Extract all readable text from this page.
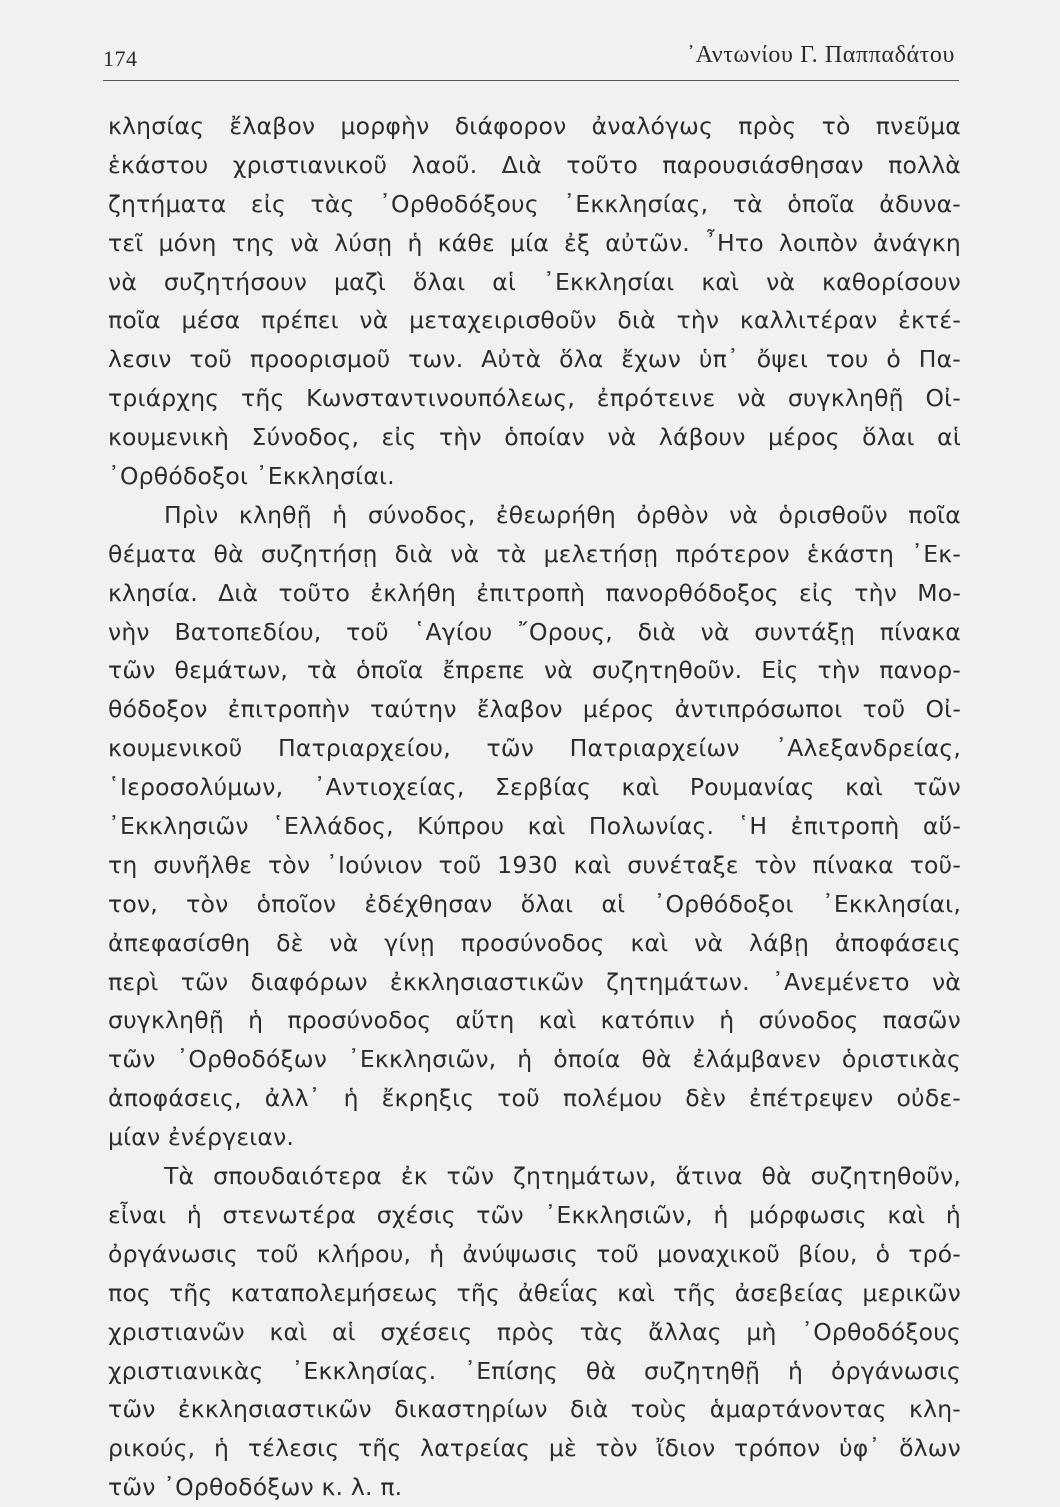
174	᾿Αντωνίου Γ. Παππαδάτου
κλησίας ἔλαβον μορφὴν διάφορον ἀναλόγως πρὸς τὸ πνεῦμα
ἑκάστου χριστιανικοῦ λαοῦ. Διὰ τοῦτο παρουσιάσθησαν πολλὰ
ζητήματα εἰς τὰς ᾿Ορθοδόξους ᾿Εκκλησίας, τὰ ὁποῖα ἀδυνα-
τεῖ μόνη της νὰ λύσῃ ἡ κάθε μία ἐξ αὐτῶν. ῏Ητο λοιπὸν ἀνάγκη
νὰ συζητήσουν μαζὶ ὅλαι αἱ ᾿Εκκλησίαι καὶ νὰ καθορίσουν
ποῖα μέσα πρέπει νὰ μεταχειρισθοῦν διὰ τὴν καλλιτέραν ἐκτέ-
λεσιν τοῦ προορισμοῦ των. Αὐτὰ ὅλα ἔχων ὑπ᾿ ὄψει του ὁ Πα-
τριάρχης τῆς Κωνσταντινουπόλεως, ἐπρότεινε νὰ συγκληθῇ Οἰ-
κουμενικὴ Σύνοδος, εἰς τὴν ὁποίαν νὰ λάβουν μέρος ὅλαι αἱ
᾿Ορθόδοξοι ᾿Εκκλησίαι.
Πρὶν κληθῇ ἡ σύνοδος, ἐθεωρήθη ὀρθὸν νὰ ὁρισθοῦν ποῖα
θέματα θὰ συζητήσῃ διὰ νὰ τὰ μελετήσῃ πρότερον ἑκάστη ᾿Εκ-
κλησία. Διὰ τοῦτο ἐκλήθη ἐπιτροπὴ πανορθόδοξος εἰς τὴν Μο-
νὴν Βατοπεδίου, τοῦ ῾Αγίου ῎Ορους, διὰ νὰ συντάξῃ πίνακα
τῶν θεμάτων, τὰ ὁποῖα ἔπρεπε νὰ συζητηθοῦν. Εἰς τὴν πανορ-
θόδοξον ἐπιτροπὴν ταύτην ἔλαβον μέρος ἀντιπρόσωποι τοῦ Οἰ-
κουμενικοῦ Πατριαρχείου, τῶν Πατριαρχείων ᾿Αλεξανδρείας,
῾Ιεροσολύμων, ᾿Αντιοχείας, Σερβίας καὶ Ρουμανίας καὶ τῶν
᾿Εκκλησιῶν ῾Ελλάδος, Κύπρου καὶ Πολωνίας. ῾Η ἐπιτροπὴ αὕ-
τη συνῆλθε τὸν ᾿Ιούνιον τοῦ 1930 καὶ συνέταξε τὸν πίνακα τοῦ-
τον, τὸν ὁποῖον ἐδέχθησαν ὅλαι αἱ ᾿Ορθόδοξοι ᾿Εκκλησίαι,
ἀπεφασίσθη δὲ νὰ γίνῃ προσύνοδος καὶ νὰ λάβῃ ἀποφάσεις
περὶ τῶν διαφόρων ἐκκλησιαστικῶν ζητημάτων. ᾿Ανεμένετο νὰ
συγκληθῇ ἡ προσύνοδος αὕτη καὶ κατόπιν ἡ σύνοδος πασῶν
τῶν ᾿Ορθοδόξων ᾿Εκκλησιῶν, ἡ ὁποία θὰ ἐλάμβανεν ὁριστικὰς
ἀποφάσεις, ἀλλ᾿ ἡ ἔκρηξις τοῦ πολέμου δὲν ἐπέτρεψεν οὐδε-
μίαν ἐνέργειαν.
Τὰ σπουδαιότερα ἐκ τῶν ζητημάτων, ἅτινα θὰ συζητηθοῦν,
εἶναι ἡ στενωτέρα σχέσις τῶν ᾿Εκκλησιῶν, ἡ μόρφωσις καὶ ἡ
ὀργάνωσις τοῦ κλήρου, ἡ ἀνύψωσις τοῦ μοναχικοῦ βίου, ὁ τρό-
πος τῆς καταπολεμήσεως τῆς ἀθεΐας καὶ τῆς ἀσεβείας μερικῶν
χριστιανῶν καὶ αἱ σχέσεις πρὸς τὰς ἄλλας μὴ ᾿Ορθοδόξους
χριστιανικὰς ᾿Εκκλησίας. ᾿Επίσης θὰ συζητηθῇ ἡ ὀργάνωσις
τῶν ἐκκλησιαστικῶν δικαστηρίων διὰ τοὺς ἁμαρτάνοντας κλη-
ρικούς, ἡ τέλεσις τῆς λατρείας μὲ τὸν ἴδιον τρόπον ὑφ᾿ ὅλων
τῶν ᾿Ορθοδόξων κ. λ. π.
